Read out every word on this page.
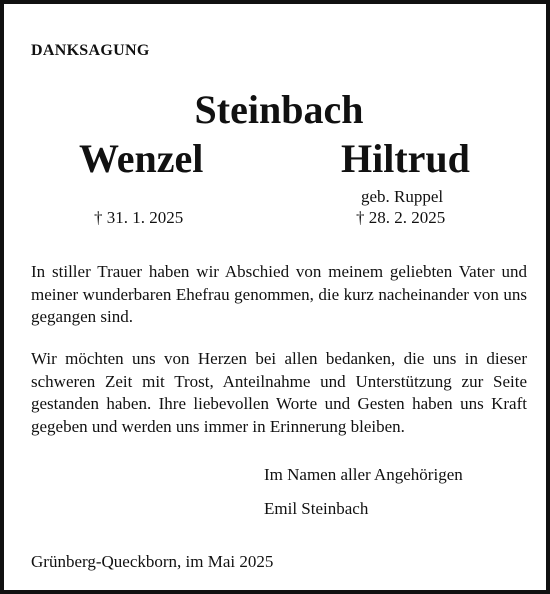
DANKSAGUNG
Steinbach
Wenzel	Hiltrud
geb. Ruppel
† 31. 1. 2025	† 28. 2. 2025
In stiller Trauer haben wir Abschied von meinem geliebten Vater und meiner wunderbaren Ehefrau genommen, die kurz nacheinander von uns gegangen sind.
Wir möchten uns von Herzen bei allen bedanken, die uns in dieser schweren Zeit mit Trost, Anteilnahme und Unterstützung zur Seite gestanden haben. Ihre liebevollen Worte und Gesten haben uns Kraft gegeben und werden uns immer in Erinnerung bleiben.
Im Namen aller Angehörigen
Emil Steinbach
Grünberg-Queckborn, im Mai 2025
